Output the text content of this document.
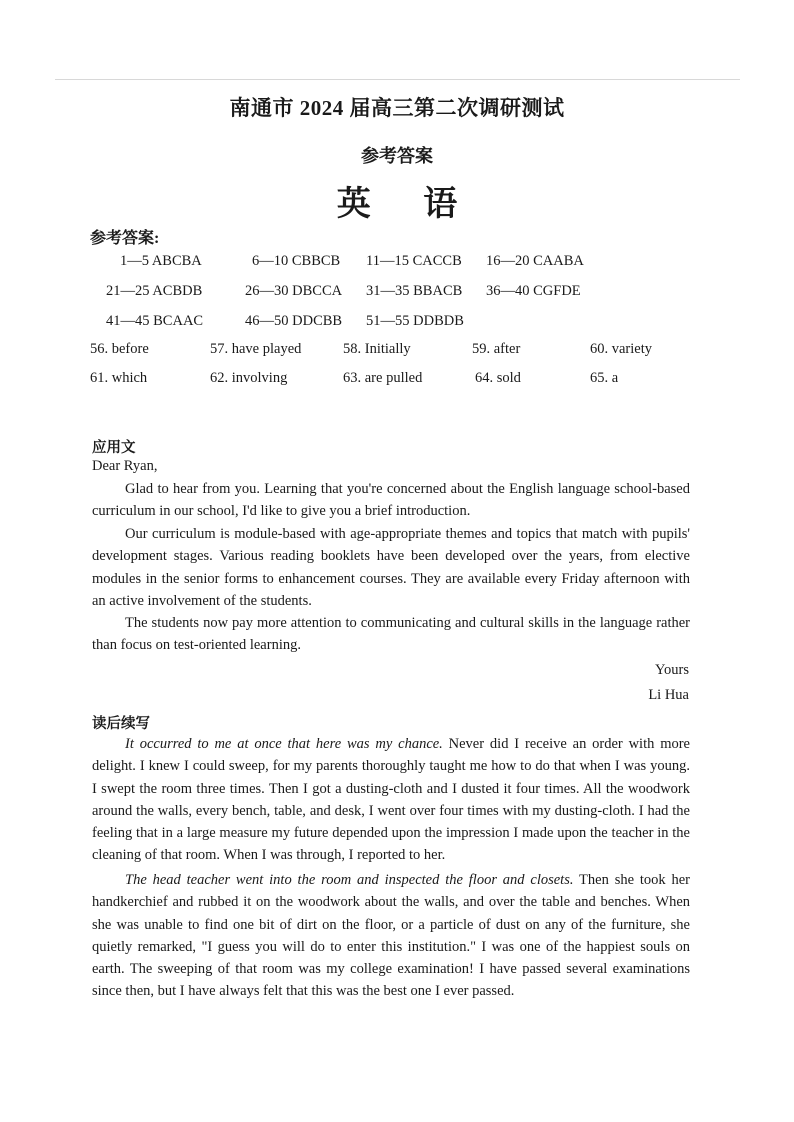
南通市 2024 届高三第二次调研测试
参考答案
英 语
参考答案:
1—5 ABCBA	6—10 CBBCB 11—15 CACCB 16—20 CAABA
21—25 ACBDB	26—30 DBCCA 31—35 BBACB 36—40 CGFDE
41—45 BCAAC	46—50 DDCBB 51—55 DDBDB
56. before	57. have played	58. Initially	59. after	60. variety
61. which	62. involving	63. are pulled	64. sold	65. a
应用文
Dear Ryan,

Glad to hear from you. Learning that you're concerned about the English language school-based curriculum in our school, I'd like to give you a brief introduction.

Our curriculum is module-based with age-appropriate themes and topics that match with pupils' development stages. Various reading booklets have been developed over the years, from elective modules in the senior forms to enhancement courses. They are available every Friday afternoon with an active involvement of the students.

The students now pay more attention to communicating and cultural skills in the language rather than focus on test-oriented learning.

Yours
Li Hua
读后续写

It occurred to me at once that here was my chance. Never did I receive an order with more delight. I knew I could sweep, for my parents thoroughly taught me how to do that when I was young. I swept the room three times. Then I got a dusting-cloth and I dusted it four times. All the woodwork around the walls, every bench, table, and desk, I went over four times with my dusting-cloth. I had the feeling that in a large measure my future depended upon the impression I made upon the teacher in the cleaning of that room. When I was through, I reported to her.

The head teacher went into the room and inspected the floor and closets. Then she took her handkerchief and rubbed it on the woodwork about the walls, and over the table and benches. When she was unable to find one bit of dirt on the floor, or a particle of dust on any of the furniture, she quietly remarked, "I guess you will do to enter this institution." I was one of the happiest souls on earth. The sweeping of that room was my college examination! I have passed several examinations since then, but I have always felt that this was the best one I ever passed.
